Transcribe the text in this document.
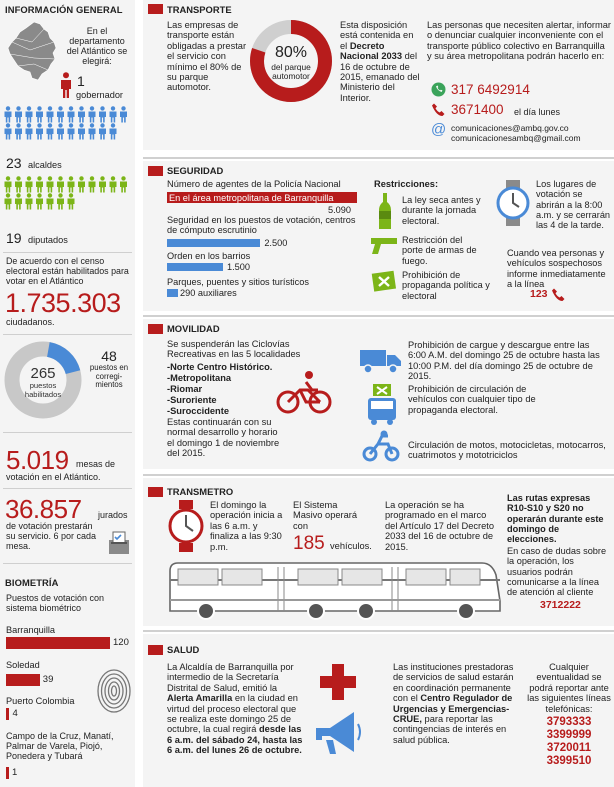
INFORMACIÓN GENERAL
En el departamento del Atlántico se elegirá:
1
gobernador
23 alcaldes
19 diputados
De acuerdo con el censo electoral están habilitados para votar en el Atlántico
1.735.303
ciudadanos.
265
puestos habilitados
48
puestos en corregi-mientos
5.019 mesas de
votación en el Atlántico.
36.857 jurados
de votación prestarán su servicio. 6 por cada mesa.
BIOMETRÍA
Puestos de votación con sistema biométrico
Barranquilla
120
Soledad
39
Puerto Colombia
4
Campo de la Cruz, Manatí, Palmar de Varela, Piojó, Ponedera y Tubará
1
TRANSPORTE
Las empresas de transporte están obligadas a prestar el servicio con mínimo el 80% de su parque automotor.
80%
del parque automotor
Esta disposición está contenida en el Decreto Nacional 2033 del 16 de octubre de 2015, emanado del Ministerio del Interior.
Las personas que necesiten alertar, informar o denunciar cualquier inconveniente con el transporte público colectivo en Barranquilla y su área metropolitana podrán hacerlo en:
317 6492914
3671400 el día lunes
@ comunicaciones@ambq.gov.co
comunicacionesambq@gmail.com
SEGURIDAD
Número de agentes de la Policía Nacional
En el área metropolitana de Barranquilla
5.090
Seguridad en los puestos de votación, centros de cómputo escrutinio
2.500
Orden en los barrios
1.500
Parques, puentes y sitios turísticos
290 auxiliares
Restricciones:
La ley seca antes y durante la jornada electoral.
Restricción del porte de armas de fuego.
Prohibición de propaganda política y electoral
Los lugares de votación se abrirán a la 8:00 a.m. y se cerrarán las 4 de la tarde.
Cuando vea personas y vehículos sospechosos informe inmediatamente a la línea
123
MOVILIDAD
Se suspenderán las Ciclovías Recreativas en las 5 localidades
-Norte Centro Histórico.
-Metropolitana
-Riomar
-Suroriente
-Suroccidente
Estas continuarán con su normal desarrollo y horario el domingo 1 de noviembre del 2015.
Prohibición de cargue y descargue entre las 6:00 A.M. del domingo 25 de octubre hasta las 10:00 P.M. del día domingo 25 de octubre de 2015.
Prohibición de circulación de vehículos con cualquier tipo de propaganda electoral.
Circulación de motos, motocicletas, motocarros, cuatrimotos y mototriciclos
TRANSMETRO
El domingo la operación inicia a las 6 a.m. y finaliza a las 9:30 p.m.
El Sistema Masivo operará con
185 vehículos.
La operación se ha programado en el marco del Artículo 17 del Decreto 2033 del 16 de octubre de 2015.
Las rutas expresas R10-S10 y S20 no operarán durante este domingo de elecciones.
En caso de dudas sobre la operación, los usuarios podrán comunicarse a la línea de atención al cliente
3712222
SALUD
La Alcaldía de Barranquilla por intermedio de la Secretaría Distrital de Salud, emitió la Alerta Amarilla en la ciudad en virtud del proceso electoral que se realiza este domingo 25 de octubre, la cual regirá desde las 6 a.m. del sábado 24, hasta las 6 a.m. del lunes 26 de octubre.
Las instituciones prestadoras de servicios de salud estarán en coordinación permanente con el Centro Regulador de Urgencias y Emergencias-CRUE, para reportar las contingencias de interés en salud pública.
Cualquier eventualidad se podrá reportar ante las siguientes líneas telefónicas:
3793333
3399999
3720011
3399510
